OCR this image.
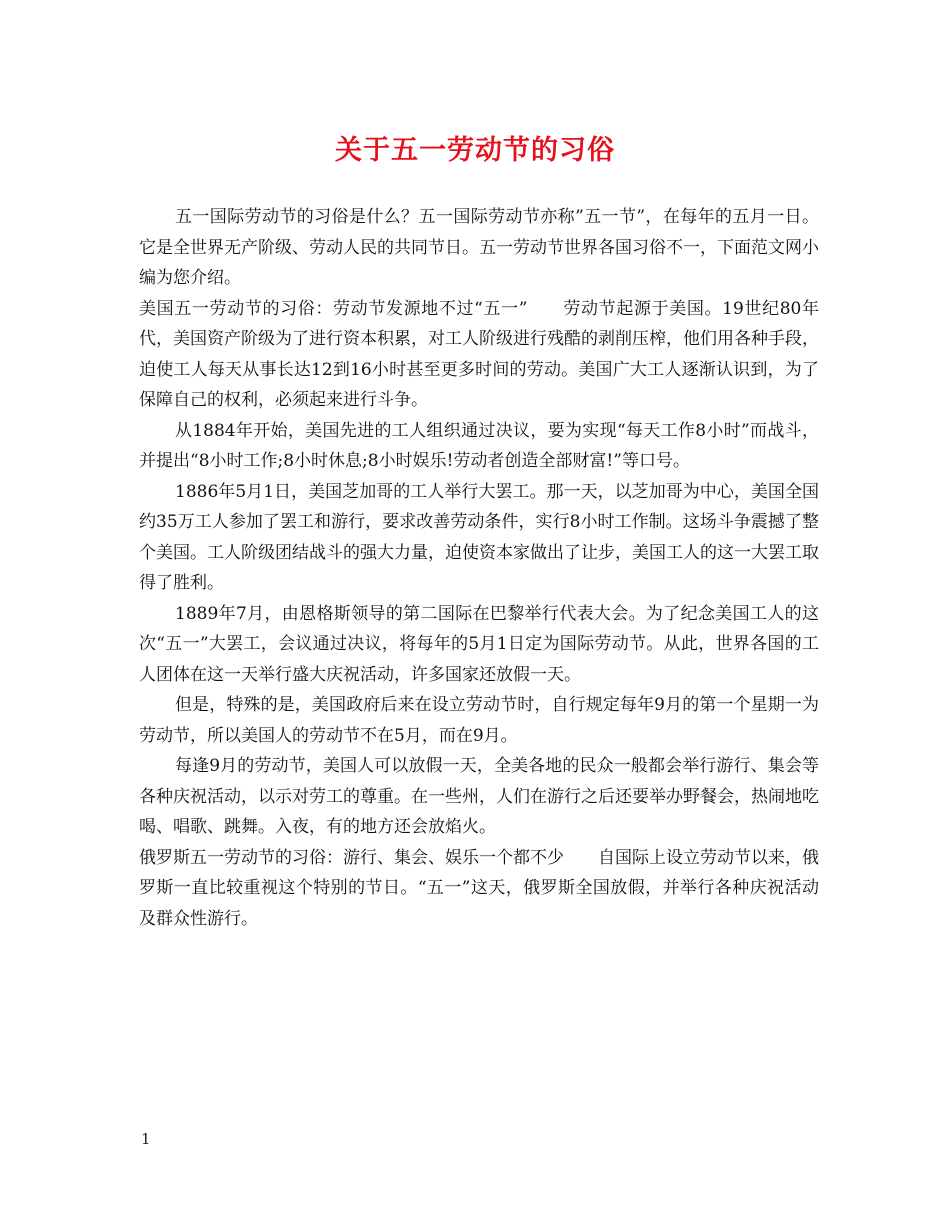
关于五一劳动节的习俗

五一国际劳动节的习俗是什么？五一国际劳动节亦称”五一节”，在每年的五月一日。它是全世界无产阶级、劳动人民的共同节日。五一劳动节世界各国习俗不一，下面范文网小编为您介绍。

美国五一劳动节的习俗：劳动节发源地不过“五一”　　劳动节起源于美国。19世纪80年代，美国资产阶级为了进行资本积累，对工人阶级进行残酷的剥削压榨，他们用各种手段，迫使工人每天从事长达12到16小时甚至更多时间的劳动。美国广大工人逐渐认识到，为了保障自己的权利，必须起来进行斗争。

从1884年开始，美国先进的工人组织通过决议，要为实现“每天工作8小时”而战斗，并提出“8小时工作;8小时休息;8小时娱乐!劳动者创造全部财富!”等口号。

1886年5月1日，美国芝加哥的工人举行大罢工。那一天，以芝加哥为中心，美国全国约35万工人参加了罢工和游行，要求改善劳动条件，实行8小时工作制。这场斗争震撼了整个美国。工人阶级团结战斗的强大力量，迫使资本家做出了让步，美国工人的这一大罢工取得了胜利。

1889年7月，由恩格斯领导的第二国际在巴黎举行代表大会。为了纪念美国工人的这次“五一”大罢工，会议通过决议，将每年的5月1日定为国际劳动节。从此，世界各国的工人团体在这一天举行盛大庆祝活动，许多国家还放假一天。

但是，特殊的是，美国政府后来在设立劳动节时，自行规定每年9月的第一个星期一为劳动节，所以美国人的劳动节不在5月，而在9月。

每逢9月的劳动节，美国人可以放假一天，全美各地的民众一般都会举行游行、集会等各种庆祝活动，以示对劳工的尊重。在一些州，人们在游行之后还要举办野餐会，热闹地吃喝、唱歌、跳舞。入夜，有的地方还会放焰火。

俄罗斯五一劳动节的习俗：游行、集会、娱乐一个都不少　　自国际上设立劳动节以来，俄罗斯一直比较重视这个特别的节日。“五一”这天，俄罗斯全国放假，并举行各种庆祝活动及群众性游行。

1
